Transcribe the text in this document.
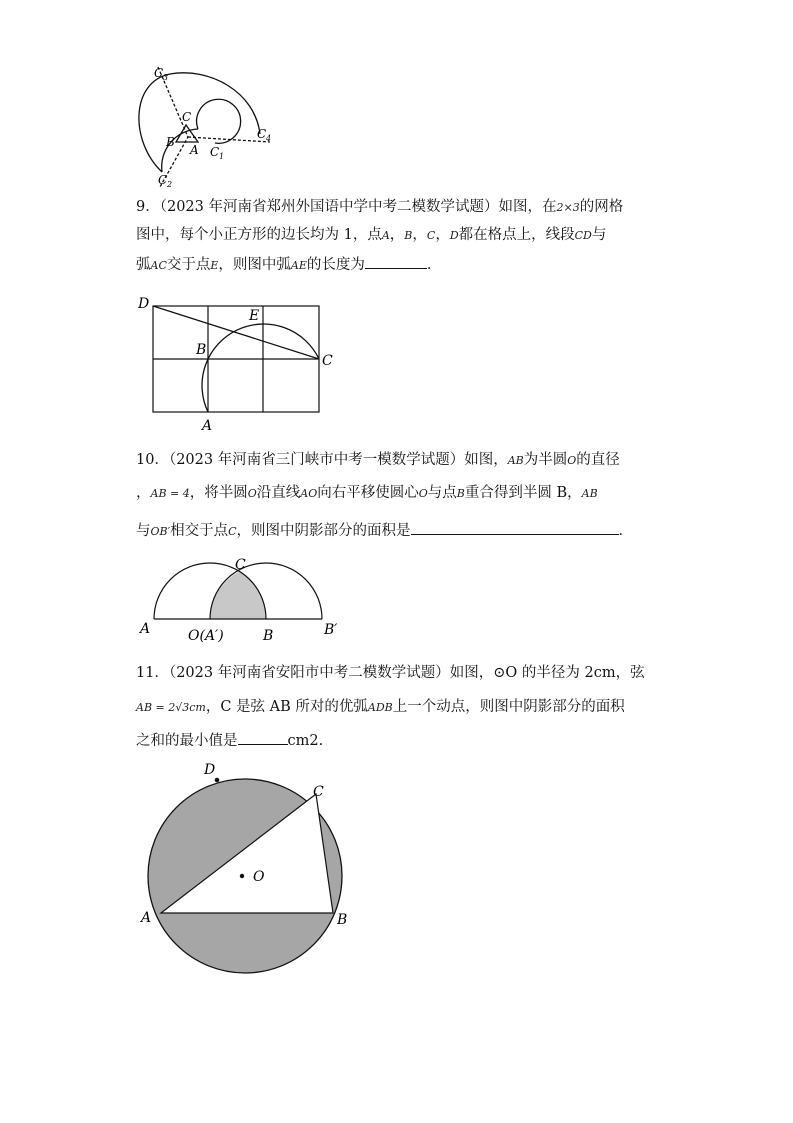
C 3
C
B
A C 1
C 2
C 4
9．（2023 年河南省郑州外国语中学中考二模数学试题）如图，在2×3的网格
图中，每个小正方形的边长均为 1，点A，B，C，D都在格点上，线段CD与
弧AC交于点E，则图中弧AE的长度为	．
D
E
B
C
A
10．（2023 年河南省三门峡市中考一模数学试题）如图，AB为半圆O的直径
，AB = 4，将半圆O沿直线AO向右平移使圆心O与点B重合得到半圆 B，AB
与OB′相交于点C，则图中阴影部分的面积是	．
C
A	O(A′)	B	B′
11．（2023 年河南省安阳市中考二模数学试题）如图，⊙O 的半径为 2cm，弦
AB = 2√3cm，C 是弦 AB 所对的优弧ADB上一个动点，则图中阴影部分的面积
之和的最小值是	cm2.
D
C
O
A	B
